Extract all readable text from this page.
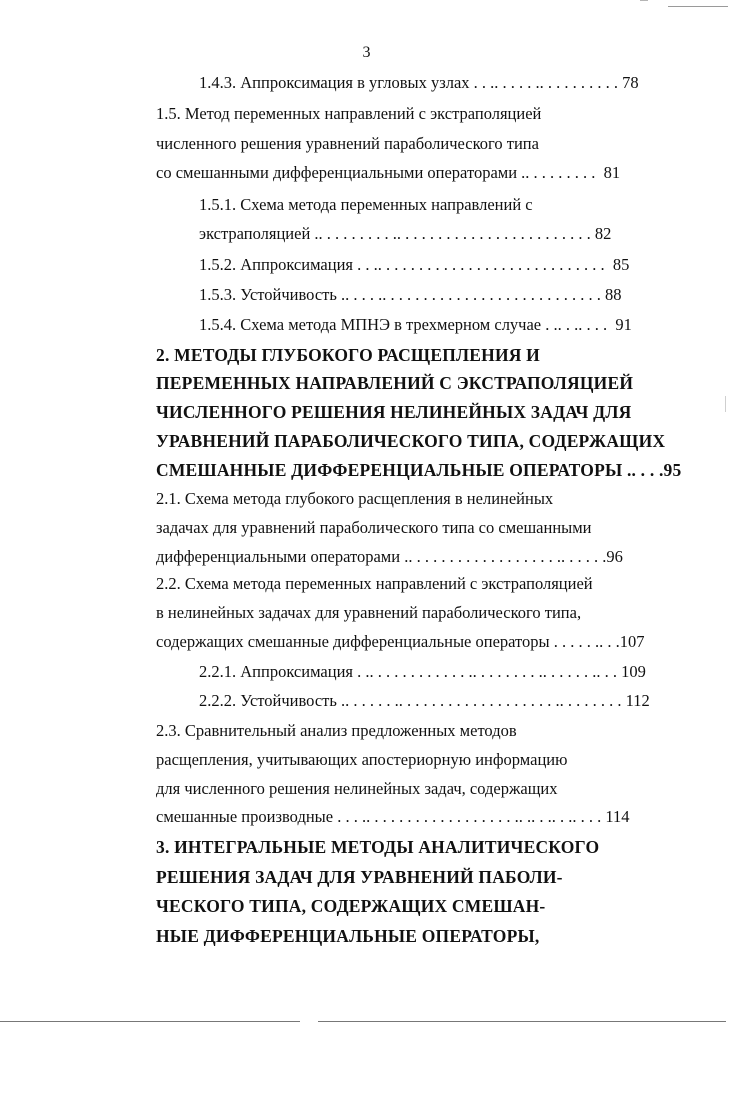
3
1.4.3. Аппроксимация в угловых узлах . . .. . . . . .. . . . . . . . . . 78
1.5. Метод переменных направлений с экстраполяцией
численного решения уравнений параболического типа
со смешанными дифференциальными операторами .. . . . . . . . .  81
1.5.1. Схема метода переменных направлений с
экстраполяцией .. . . . . . . . . .. . . . . . . . . . . . . . . . . . . . . . . . 82
1.5.2. Аппроксимация . . .. . . . . . . . . . . . . . . . . . . . . . . . . . . .  85
1.5.3. Устойчивость .. . . . .. . . . . . . . . . . . . . . . . . . . . . . . . . . 88
1.5.4. Схема метода МПНЭ в трехмерном случае . .. . .. . . .  91
2. МЕТОДЫ ГЛУБОКОГО РАСЩЕПЛЕНИЯ И
ПЕРЕМЕННЫХ НАПРАВЛЕНИЙ С ЭКСТРАПОЛЯЦИЕЙ
ЧИСЛЕННОГО РЕШЕНИЯ НЕЛИНЕЙНЫХ ЗАДАЧ ДЛЯ
УРАВНЕНИЙ ПАРАБОЛИЧЕСКОГО ТИПА, СОДЕРЖАЩИХ
СМЕШАННЫЕ ДИФФЕРЕНЦИАЛЬНЫЕ ОПЕРАТОРЫ .. . . .95
2.1. Схема метода глубокого расщепления в нелинейных
задачах для уравнений параболического типа со смешанными
дифференциальными операторами .. . . . . . . . . . . . . . . . . . .. . . . . .96
2.2. Схема метода переменных направлений с экстраполяцией
в нелинейных задачах для уравнений параболического типа,
содержащих смешанные дифференциальные операторы . . . . . .. . .107
2.2.1. Аппроксимация . .. . . . . . . . . . . . .. . . . . . . . .. . . . . . .. . . 109
2.2.2. Устойчивость .. . . . . . .. . . . . . . . . . . . . . . . . . . .. . . . . . . . 112
2.3. Сравнительный анализ предложенных методов
расщепления, учитывающих апостериорную информацию
для численного решения нелинейных задач, содержащих
смешанные производные . . . .. . . . . . . . . . . . . . . . . . .. .. . .. . .. . . . 114
3. ИНТЕГРАЛЬНЫЕ МЕТОДЫ АНАЛИТИЧЕСКОГО
РЕШЕНИЯ ЗАДАЧ ДЛЯ УРАВНЕНИЙ ПАБОЛИ-
ЧЕСКОГО ТИПА, СОДЕРЖАЩИХ СМЕШАН-
НЫЕ ДИФФЕРЕНЦИАЛЬНЫЕ ОПЕРАТОРЫ,
